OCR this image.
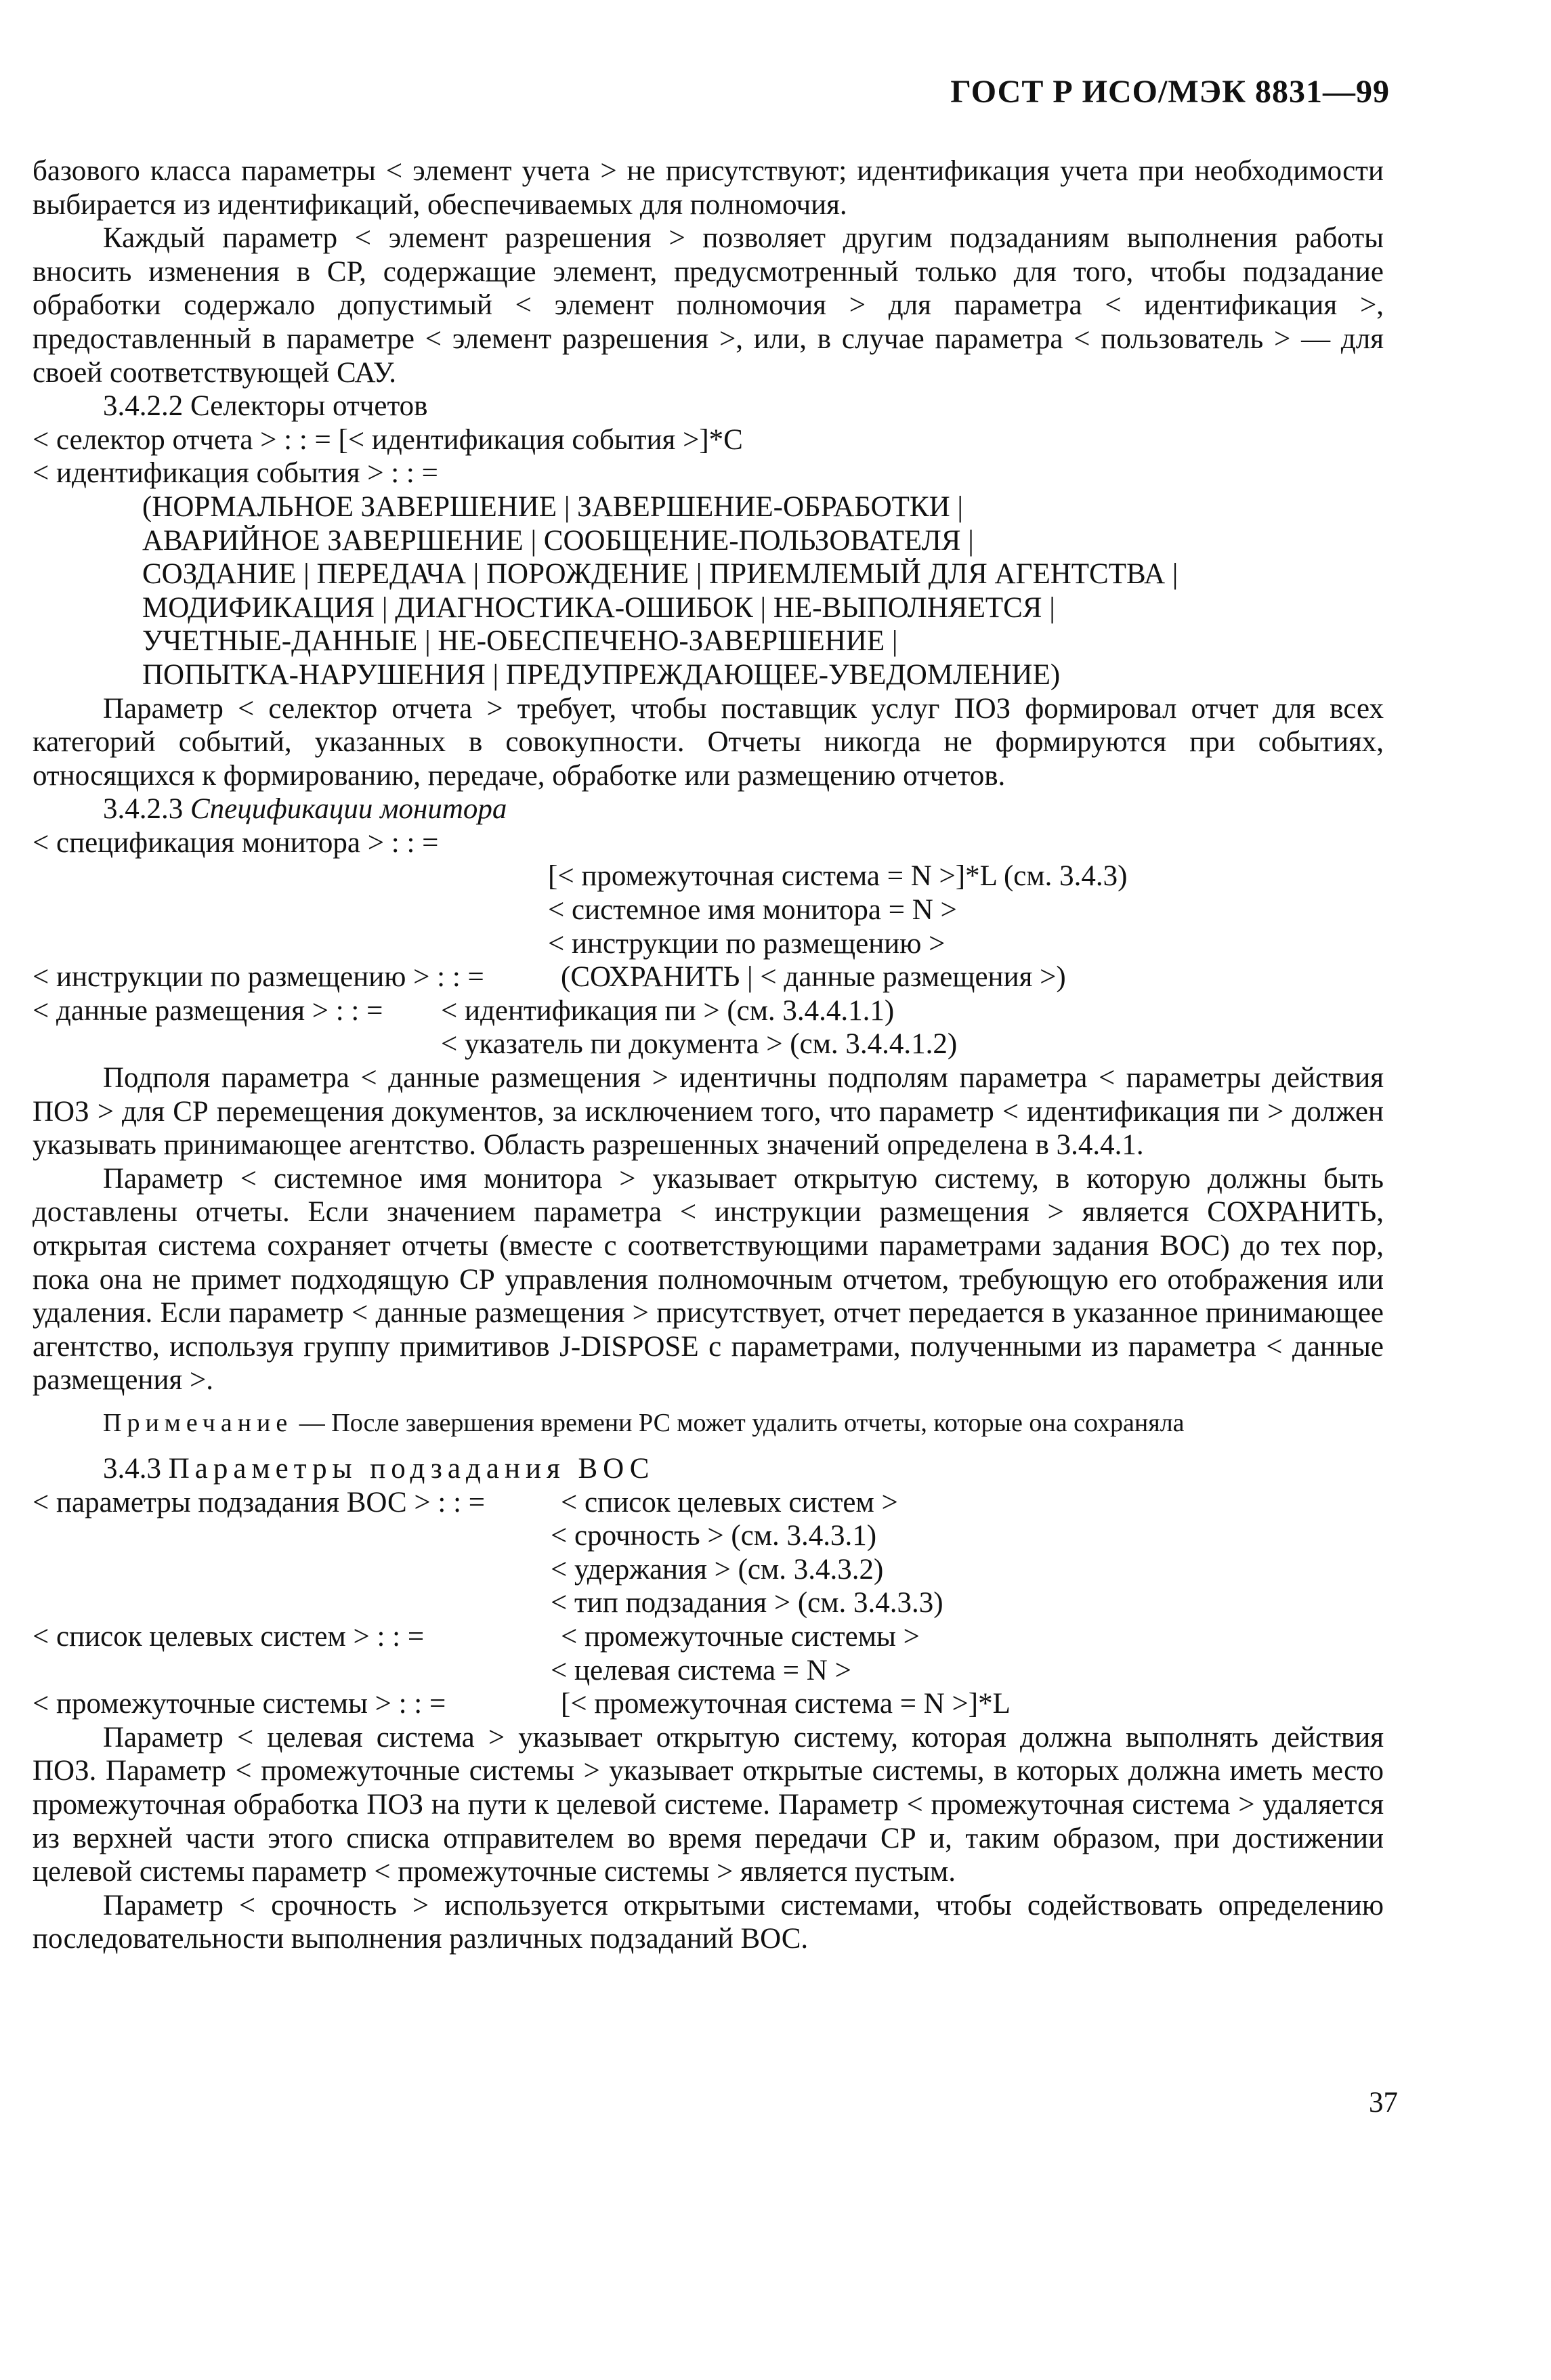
ГОСТ Р ИСО/МЭК 8831—99

базового класса параметры < элемент учета > не присутствуют; идентификация учета при необходимости выбирается из идентификаций, обеспечиваемых для полномочия.

Каждый параметр < элемент разрешения > позволяет другим подзаданиям выполнения работы вносить изменения в СР, содержащие элемент, предусмотренный только для того, чтобы подзадание обработки содержало допустимый < элемент полномочия > для параметра < идентификация >, предоставленный в параметре < элемент разрешения >, или, в случае параметра < пользователь > — для своей соответствующей САУ.

3.4.2.2 Селекторы отчетов

< селектор отчета > : : = [< идентификация события >]*С

< идентификация события > : : =

(НОРМАЛЬНОЕ ЗАВЕРШЕНИЕ | ЗАВЕРШЕНИЕ-ОБРАБОТКИ |

АВАРИЙНОЕ ЗАВЕРШЕНИЕ | СООБЩЕНИЕ-ПОЛЬЗОВАТЕЛЯ |

СОЗДАНИЕ | ПЕРЕДАЧА | ПОРОЖДЕНИЕ | ПРИЕМЛЕМЫЙ ДЛЯ АГЕНТСТВА |

МОДИФИКАЦИЯ | ДИАГНОСТИКА-ОШИБОК | НЕ-ВЫПОЛНЯЕТСЯ |

УЧЕТНЫЕ-ДАННЫЕ | НЕ-ОБЕСПЕЧЕНО-ЗАВЕРШЕНИЕ |

ПОПЫТКА-НАРУШЕНИЯ | ПРЕДУПРЕЖДАЮЩЕЕ-УВЕДОМЛЕНИЕ)

Параметр < селектор отчета > требует, чтобы поставщик услуг ПОЗ формировал отчет для всех категорий событий, указанных в совокупности. Отчеты никогда не формируются при событиях, относящихся к формированию, передаче, обработке или размещению отчетов.

3.4.2.3 Спецификации монитора

< спецификация монитора > : : =

[< промежуточная система = N >]*L (см. 3.4.3)

< системное имя монитора = N >

< инструкции по размещению >

< инструкции по размещению > : : =	(СОХРАНИТЬ | < данные размещения >)
< данные размещения > : : = < идентификация пи > (см. 3.4.4.1.1)

< указатель пи документа > (см. 3.4.4.1.2)

Подполя параметра < данные размещения > идентичны подполям параметра < параметры действия ПОЗ > для СР перемещения документов, за исключением того, что параметр < идентификация пи > должен указывать принимающее агентство. Область разрешенных значений определена в 3.4.4.1.

Параметр < системное имя монитора > указывает открытую систему, в которую должны быть доставлены отчеты. Если значением параметра < инструкции размещения > является СОХРАНИТЬ, открытая система сохраняет отчеты (вместе с соответствующими параметрами задания ВОС) до тех пор, пока она не примет подходящую СР управления полномочным отчетом, требующую его отображения или удаления. Если параметр < данные размещения > присутствует, отчет передается в указанное принимающее агентство, используя группу примитивов J-DISPOSE с параметрами, полученными из параметра < данные размещения >.

Примечание — После завершения времени РС может удалить отчеты, которые она сохраняла

3.4.3 Параметры подзадания ВОС

< параметры подзадания ВОС > : : =	< список целевых систем >

< срочность > (см. 3.4.3.1)

< удержания > (см. 3.4.3.2)

< тип подзадания > (см. 3.4.3.3)

< список целевых систем > : : =	< промежуточные системы >

< целевая система = N >

< промежуточные системы > : : =	[< промежуточная система = N >]*L

Параметр < целевая система > указывает открытую систему, которая должна выполнять действия ПОЗ. Параметр < промежуточные системы > указывает открытые системы, в которых должна иметь место промежуточная обработка ПОЗ на пути к целевой системе. Параметр < промежуточная система > удаляется из верхней части этого списка отправителем во время передачи СР и, таким образом, при достижении целевой системы параметр < промежуточные системы > является пустым.

Параметр < срочность > используется открытыми системами, чтобы содействовать определению последовательности выполнения различных подзаданий ВОС.

37
